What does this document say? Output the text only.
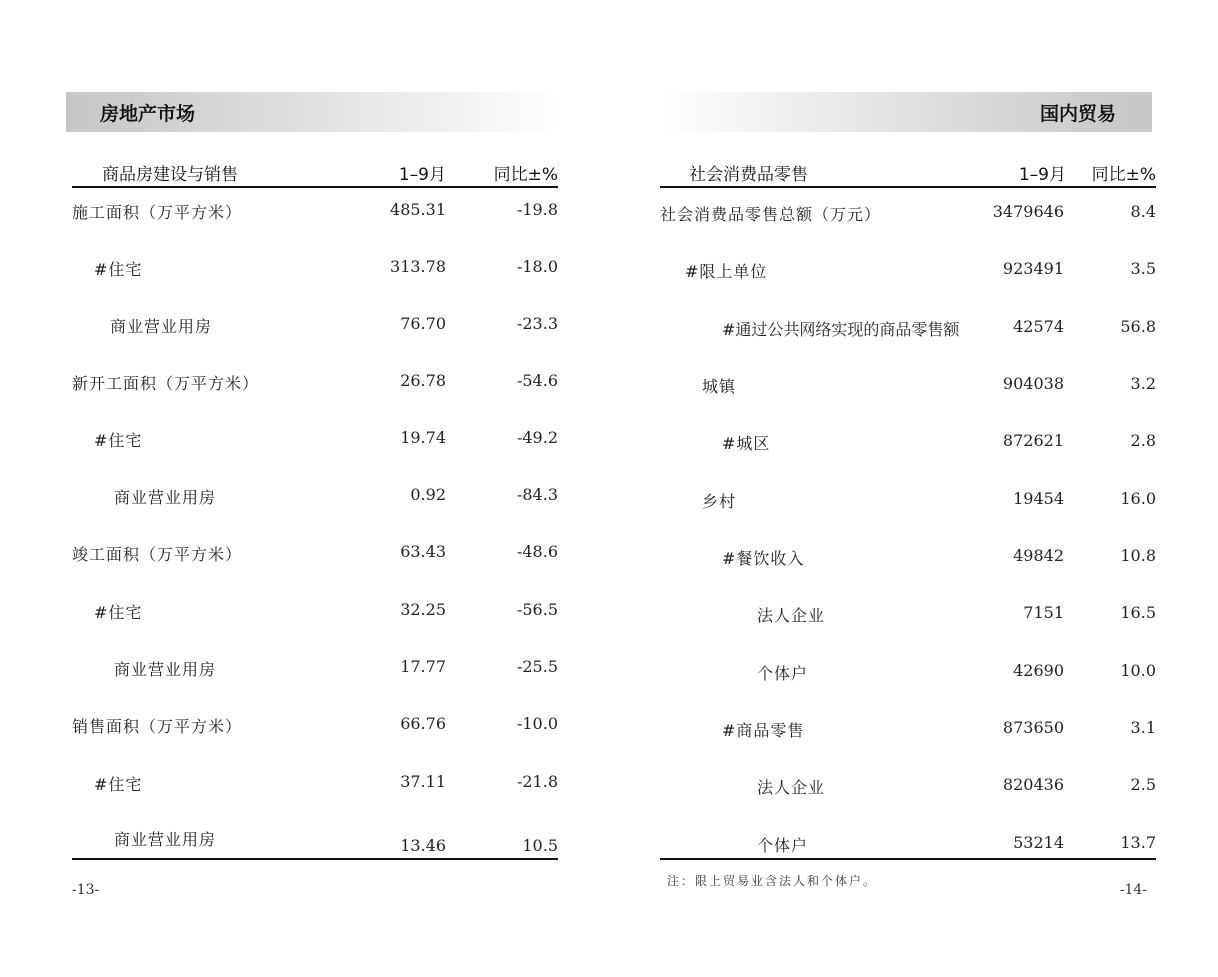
房地产市场
商品房建设与销售	1–9月	同比±%
施工面积（万平方米）	485.31	-19.8
#住宅	313.78	-18.0
商业营业用房	76.70	-23.3
新开工面积（万平方米）	26.78	-54.6
#住宅	19.74	-49.2
商业营业用房	0.92	-84.3
竣工面积（万平方米）	63.43	-48.6
#住宅	32.25	-56.5
商业营业用房	17.77	-25.5
销售面积（万平方米）	66.76	-10.0
#住宅	37.11	-21.8
商业营业用房	13.46	10.5
-13-
国内贸易
社会消费品零售	1–9月 同比±%
社会消费品零售总额（万元）	3479646	8.4
#限上单位	923491	3.5
#通过公共网络实现的商品零售额	42574	56.8
城镇	904038	3.2
#城区	872621	2.8
乡村	19454	16.0
#餐饮收入	49842	10.8
法人企业	7151	16.5
个体户	42690	10.0
#商品零售	873650	3.1
法人企业	820436	2.5
个体户	53214	13.7
注：限上贸易业含法人和个体户。
-14-
